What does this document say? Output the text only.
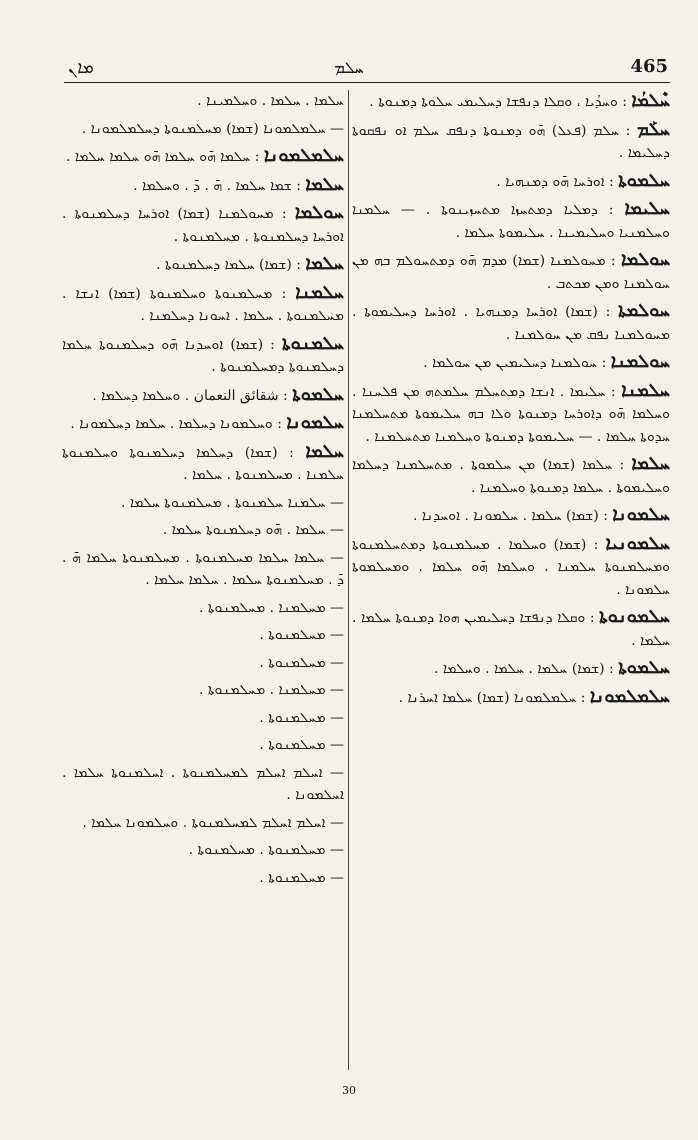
ܡܐܢ	ܚܠܡ	465
ܚܶܠܡܳܐ : ܘܚܕܳܝܐ ، ܘܩܠܐ ܕܢܦܫܐ ܕܚܠܝܡܝ ܚܠܘܬܐ ܕܡܢܘܬܐ .
ܚܠܰܡ : ܚܠܡ (ܦܥܠ) ܗ̄ܘ ܕܡܢܘܬܐ ܕܢܦܩ ܚܠܡ ܐܘ ܢܦܩܘܬܐ ܕܚܠܝܡܐ .
ܚܠܡܘܬܐ : ܐܘܪܚܐ ܗ̄ܘ ܕܡܢܗܝܐ .
ܚܠܝܡܐ : ܕܡܠܝܐ ܕܡܬܚܙܐ ܡܬܚܙܝܢܘܬܐ . — ܚܠܡܢܐ ܘܚܠܡܢܝܐ ܘܚܠܝܡܝܢܐ . ܚܠܝܡܘܬܐ ܚܠܡܐ .
ܚܘܠܡܐ : ܡܚܘܠܡܢܐ (ܫܡܐ) ܡܕܡ ܗ̄ܘ ܕܡܬܚܘܠܡ ܒܗ ܡܢ ܚܘܠܡܢܐ ܘܡܢ ܡܟܬܒ .
ܚܘܠܡܬܐ : (ܫܡܐ) ܐܘܪܚܐ ܕܡܢܗܝܐ . ܐܘܪܚܐ ܕܚܠܝܡܘܬܐ . ܡܚܘܠܡܢܐ ܢܦܩ ܡܢ ܚܘܠܡܢܐ .
ܚܘܠܡܢܐ : ܚܘܠܡܢܐ ܕܚܠܝܡܝܢ ܡܢ ܚܘܠܡܐ .
ܚܠܡܢܐ : ܚܠܝܡܐ . ܐܢܫܐ ܕܡܬܚܠܡ ܚܠܡܬܗ ܡܢ ܦܠܚܢܐ . ܘܚܠܡܐ ܗ̄ܘ ܕܐܘܪܚܐ ܕܡܢܘܬܐ ܘܠܐ ܒܗ ܚܠܝܡܘܬܐ ܡܬܚܠܡܢܐ ܚܕܘܬܐ ܚܠܡܐ . — ܚܠܝܡܘܬܐ ܕܡܢܘܬܐ ܘܚܠܡܢܐ ܡܬܚܠܡܢܐ .
ܚܠܡܐ : ܚܠܡܐ (ܫܡܐ) ܡܢ ܚܠܡܘܬܐ . ܡܬܚܠܡܢܐ ܕܚܠܡܐ ܘܚܠܝܡܘܬܐ . ܚܠܡܐ ܕܡܢܘܬܐ ܘܚܠܡܢܐ .
ܚܠܡܘܢܐ : (ܫܡܐ) ܚܠܡܐ . ܚܠܡܘܢܐ . ܐܘܚܕܢܐ .
ܚܠܡܘܢܝܐ : (ܫܡܐ) ܘܚܠܡܐ . ܡܚܠܡܢܘܬܐ ܕܡܬܚܠܡܢܘܬܐ ܘܡܚܠܡܢܘܬܐ ܚܠܡܢܐ . ܘܚܠܡܐ ܗ̄ܘ ܚܠܡܐ . ܘܡܚܠܡܘܬܐ ܚܠܡܘܢܐ .
ܚܠܡܘܢܘܬܐ : ܘܩܠܐ ܕܢܦܫܐ ܕܚܠܝܡܝܢ ܗܘܐ ܕܡܢܘܬܐ ܚܠܡܐ . ܚܠܡܐ .
ܚܠܡܘܬܐ : (ܫܡܐ) ܚܠܡܐ . ܚܠܡܐ . ܘܚܠܡܐ .
ܚܠܡܠܡܘܢܐ : ܚܠܡܠܡܘܢܐ (ܫܡܐ) ܚܠܡܐ ܐܚܪܢܐ .
ܚܠܡܐ . ܚܠܡܐ . ܘܚܠܡܝܢܐ .
— ܚܠܡܠܡܘܢܐ (ܫܡܐ) ܡܚܠܡܢܘܬܐ ܕܚܠܡܠܡܘܢܐ .
ܚܠܡܠܡܘܢܐ : ܚܠܡܐ ܗ̄ܘ ܚܠܡܐ ܗ̄ܘ ܚܠܡܐ ܚܠܡܐ .
ܚܠܡܐ : ܫܡܐ ܚܠܡܐ . ܗ̄ . ܕ̄ . ܘܚܠܡܐ .
ܚܘܠܡܐ : ܡܚܘܠܡܢܐ (ܫܡܐ) ܐܘܪܚܐ ܕܚܠܡܢܘܬܐ . ܐܘܪܚܐ ܕܚܠܡܢܘܬܐ . ܡܚܠܡܢܘܬܐ .
ܚܠܡܐ : (ܫܡܐ) ܚܠܡܐ ܕܚܠܡܢܘܬܐ .
ܚܠܡܢܐ : ܡܚܠܡܢܘܬܐ ܘܚܠܡܢܘܬܐ (ܫܡܐ) ܐܢܫܐ . ܡܚܠܡܢܘܬܐ . ܚܠܡܐ . ܐܚܘܢܐ ܕܚܠܡܢܐ .
ܚܠܡܢܘܬܐ : (ܫܡܐ) ܐܘܚܕܢܐ ܗ̄ܘ ܕܚܠܡܢܘܬܐ ܚܠܡܐ ܕܚܠܡܢܘܬܐ ܕܡܚܠܡܢܘܬܐ .
ܚܠܡܘܬܐ : شقائق النعمان . ܘܚܠܡܐ ܕܚܠܡܐ .
ܚܠܡܘܢܐ : ܘܚܠܡܘܢܐ ܕܚܠܡܐ . ܚܠܡܐ ܕܚܠܡܘܢܐ .
ܚܠܡܐ : (ܫܡܐ) ܕܚܠܡܐ ܕܚܠܡܢܘܬܐ ܘܚܠܡܢܘܬܐ ܚܠܡܢܐ . ܡܚܠܡܢܘܬܐ . ܚܠܡܐ .
— ܚܠܡܢܐ ܚܠܡܢܘܬܐ . ܡܚܠܡܢܘܬܐ ܚܠܡܐ .
— ܚܠܡܐ . ܗ̄ܘ ܕܚܠܡܢܘܬܐ ܚܠܡܐ .
— ܚܠܡܐ ܚܠܡܐ ܡܚܠܡܢܘܬܐ . ܡܚܠܡܢܘܬܐ ܚܠܡܐ ܗ̄ . ܕ̄ . ܡܚܠܡܢܘܬܐ ܚܠܡܐ . ܚܠܡܐ ܚܠܡܐ .
— ܡܚܠܡܢܐ . ܡܚܠܡܢܘܬܐ .
— ܡܚܠܡܢܘܬܐ .
— ܡܚܠܡܢܘܬܐ .
— ܡܚܠܡܢܐ . ܡܚܠܡܢܘܬܐ .
— ܡܚܠܡܢܘܬܐ .
— ܡܚܠܡܢܘܬܐ .
— ܐܚܠܡ ܐܚܠܡ ܠܡܚܠܡܢܘܬܐ . ܐܚܠܡܢܘܬܐ ܚܠܡܐ . ܐܚܠܡܘܢܐ .
— ܐܚܠܡ ܐܚܠܡ ܠܡܚܠܡܢܘܬܐ . ܘܚܠܡܘܢܐ ܚܠܡܐ .
— ܡܚܠܡܢܘܬܐ . ܡܚܠܡܢܘܬܐ .
— ܡܚܠܡܢܘܬܐ .
30
